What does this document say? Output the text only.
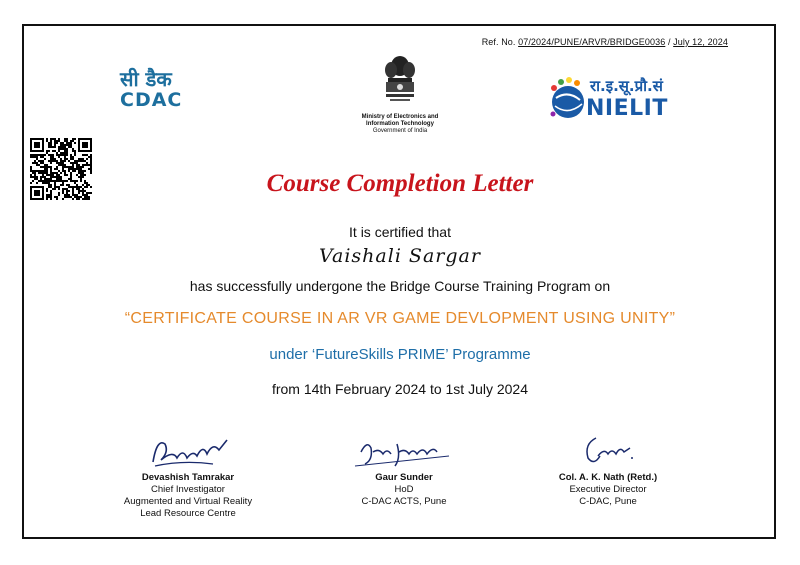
Ref. No. 07/2024/PUNE/ARVR/BRIDGE0036 / July 12, 2024
सी डैक
CDAC
Ministry of Electronics and
Information Technology
Government of India
रा.इ.सू.प्रौ.सं
NIELIT
Course Completion Letter
It is certified that
Vaishali Sargar
has successfully undergone the Bridge Course Training Program on
“CERTIFICATE COURSE IN AR VR GAME DEVLOPMENT USING UNITY”
under ‘FutureSkills PRIME’ Programme
from 14th February 2024 to 1st July 2024
Devashish Tamrakar
Chief Investigator
Augmented and Virtual Reality
Lead Resource Centre
Gaur Sunder
HoD
C-DAC ACTS, Pune
Col. A. K. Nath (Retd.)
Executive Director
C-DAC, Pune
